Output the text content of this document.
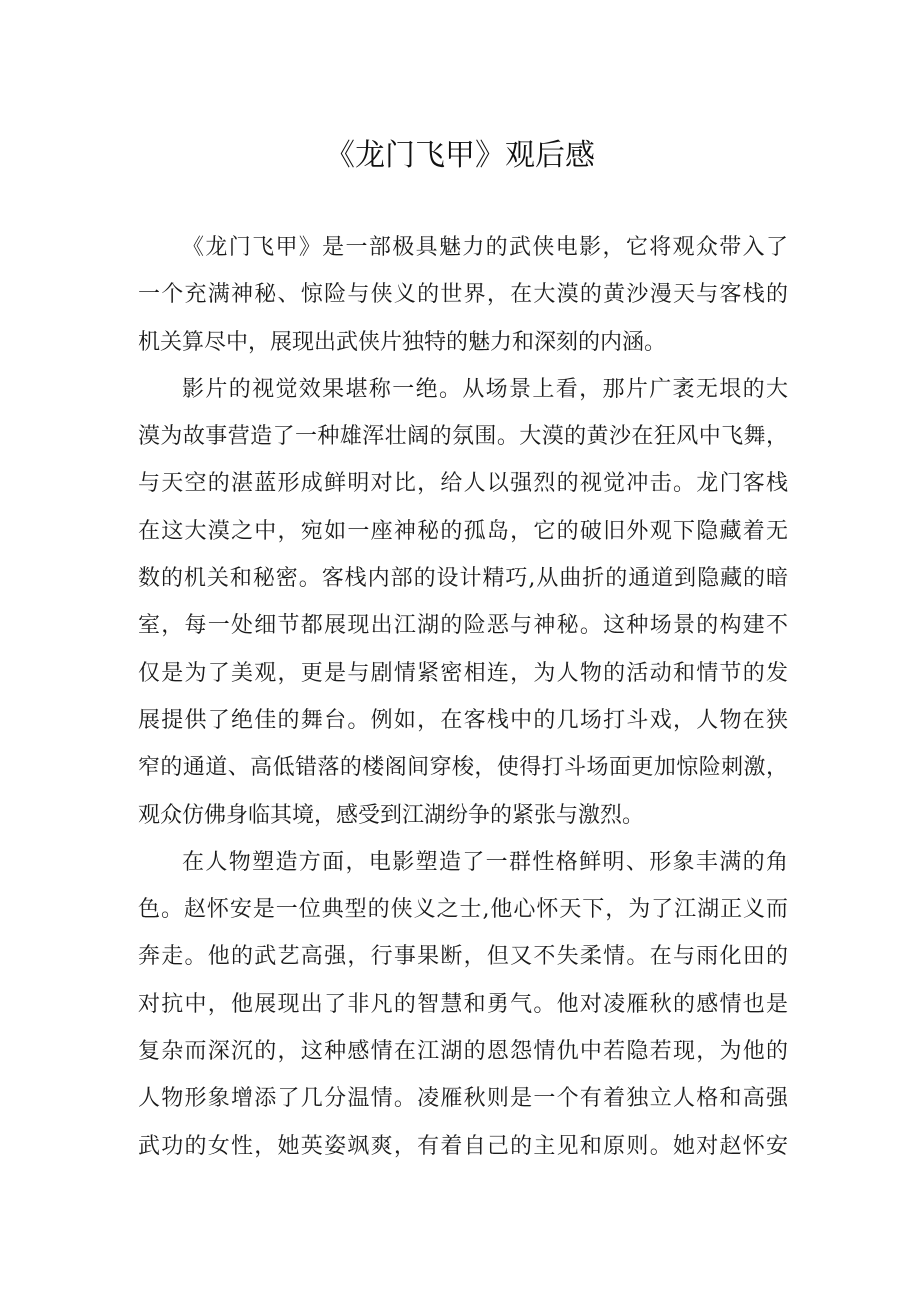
《龙门飞甲》观后感
《龙门飞甲》是一部极具魅力的武侠电影，它将观众带入了
一个充满神秘、惊险与侠义的世界，在大漠的黄沙漫天与客栈的
机关算尽中，展现出武侠片独特的魅力和深刻的内涵。
影片的视觉效果堪称一绝。从场景上看，那片广袤无垠的大
漠为故事营造了一种雄浑壮阔的氛围。大漠的黄沙在狂风中飞舞，
与天空的湛蓝形成鲜明对比，给人以强烈的视觉冲击。龙门客栈
在这大漠之中，宛如一座神秘的孤岛，它的破旧外观下隐藏着无
数的机关和秘密。客栈内部的设计精巧,从曲折的通道到隐藏的暗
室，每一处细节都展现出江湖的险恶与神秘。这种场景的构建不
仅是为了美观，更是与剧情紧密相连，为人物的活动和情节的发
展提供了绝佳的舞台。例如，在客栈中的几场打斗戏，人物在狭
窄的通道、高低错落的楼阁间穿梭，使得打斗场面更加惊险刺激，
观众仿佛身临其境，感受到江湖纷争的紧张与激烈。
在人物塑造方面，电影塑造了一群性格鲜明、形象丰满的角
色。赵怀安是一位典型的侠义之士,他心怀天下，为了江湖正义而
奔走。他的武艺高强，行事果断，但又不失柔情。在与雨化田的
对抗中，他展现出了非凡的智慧和勇气。他对凌雁秋的感情也是
复杂而深沉的，这种感情在江湖的恩怨情仇中若隐若现，为他的
人物形象增添了几分温情。凌雁秋则是一个有着独立人格和高强
武功的女性，她英姿飒爽，有着自己的主见和原则。她对赵怀安
